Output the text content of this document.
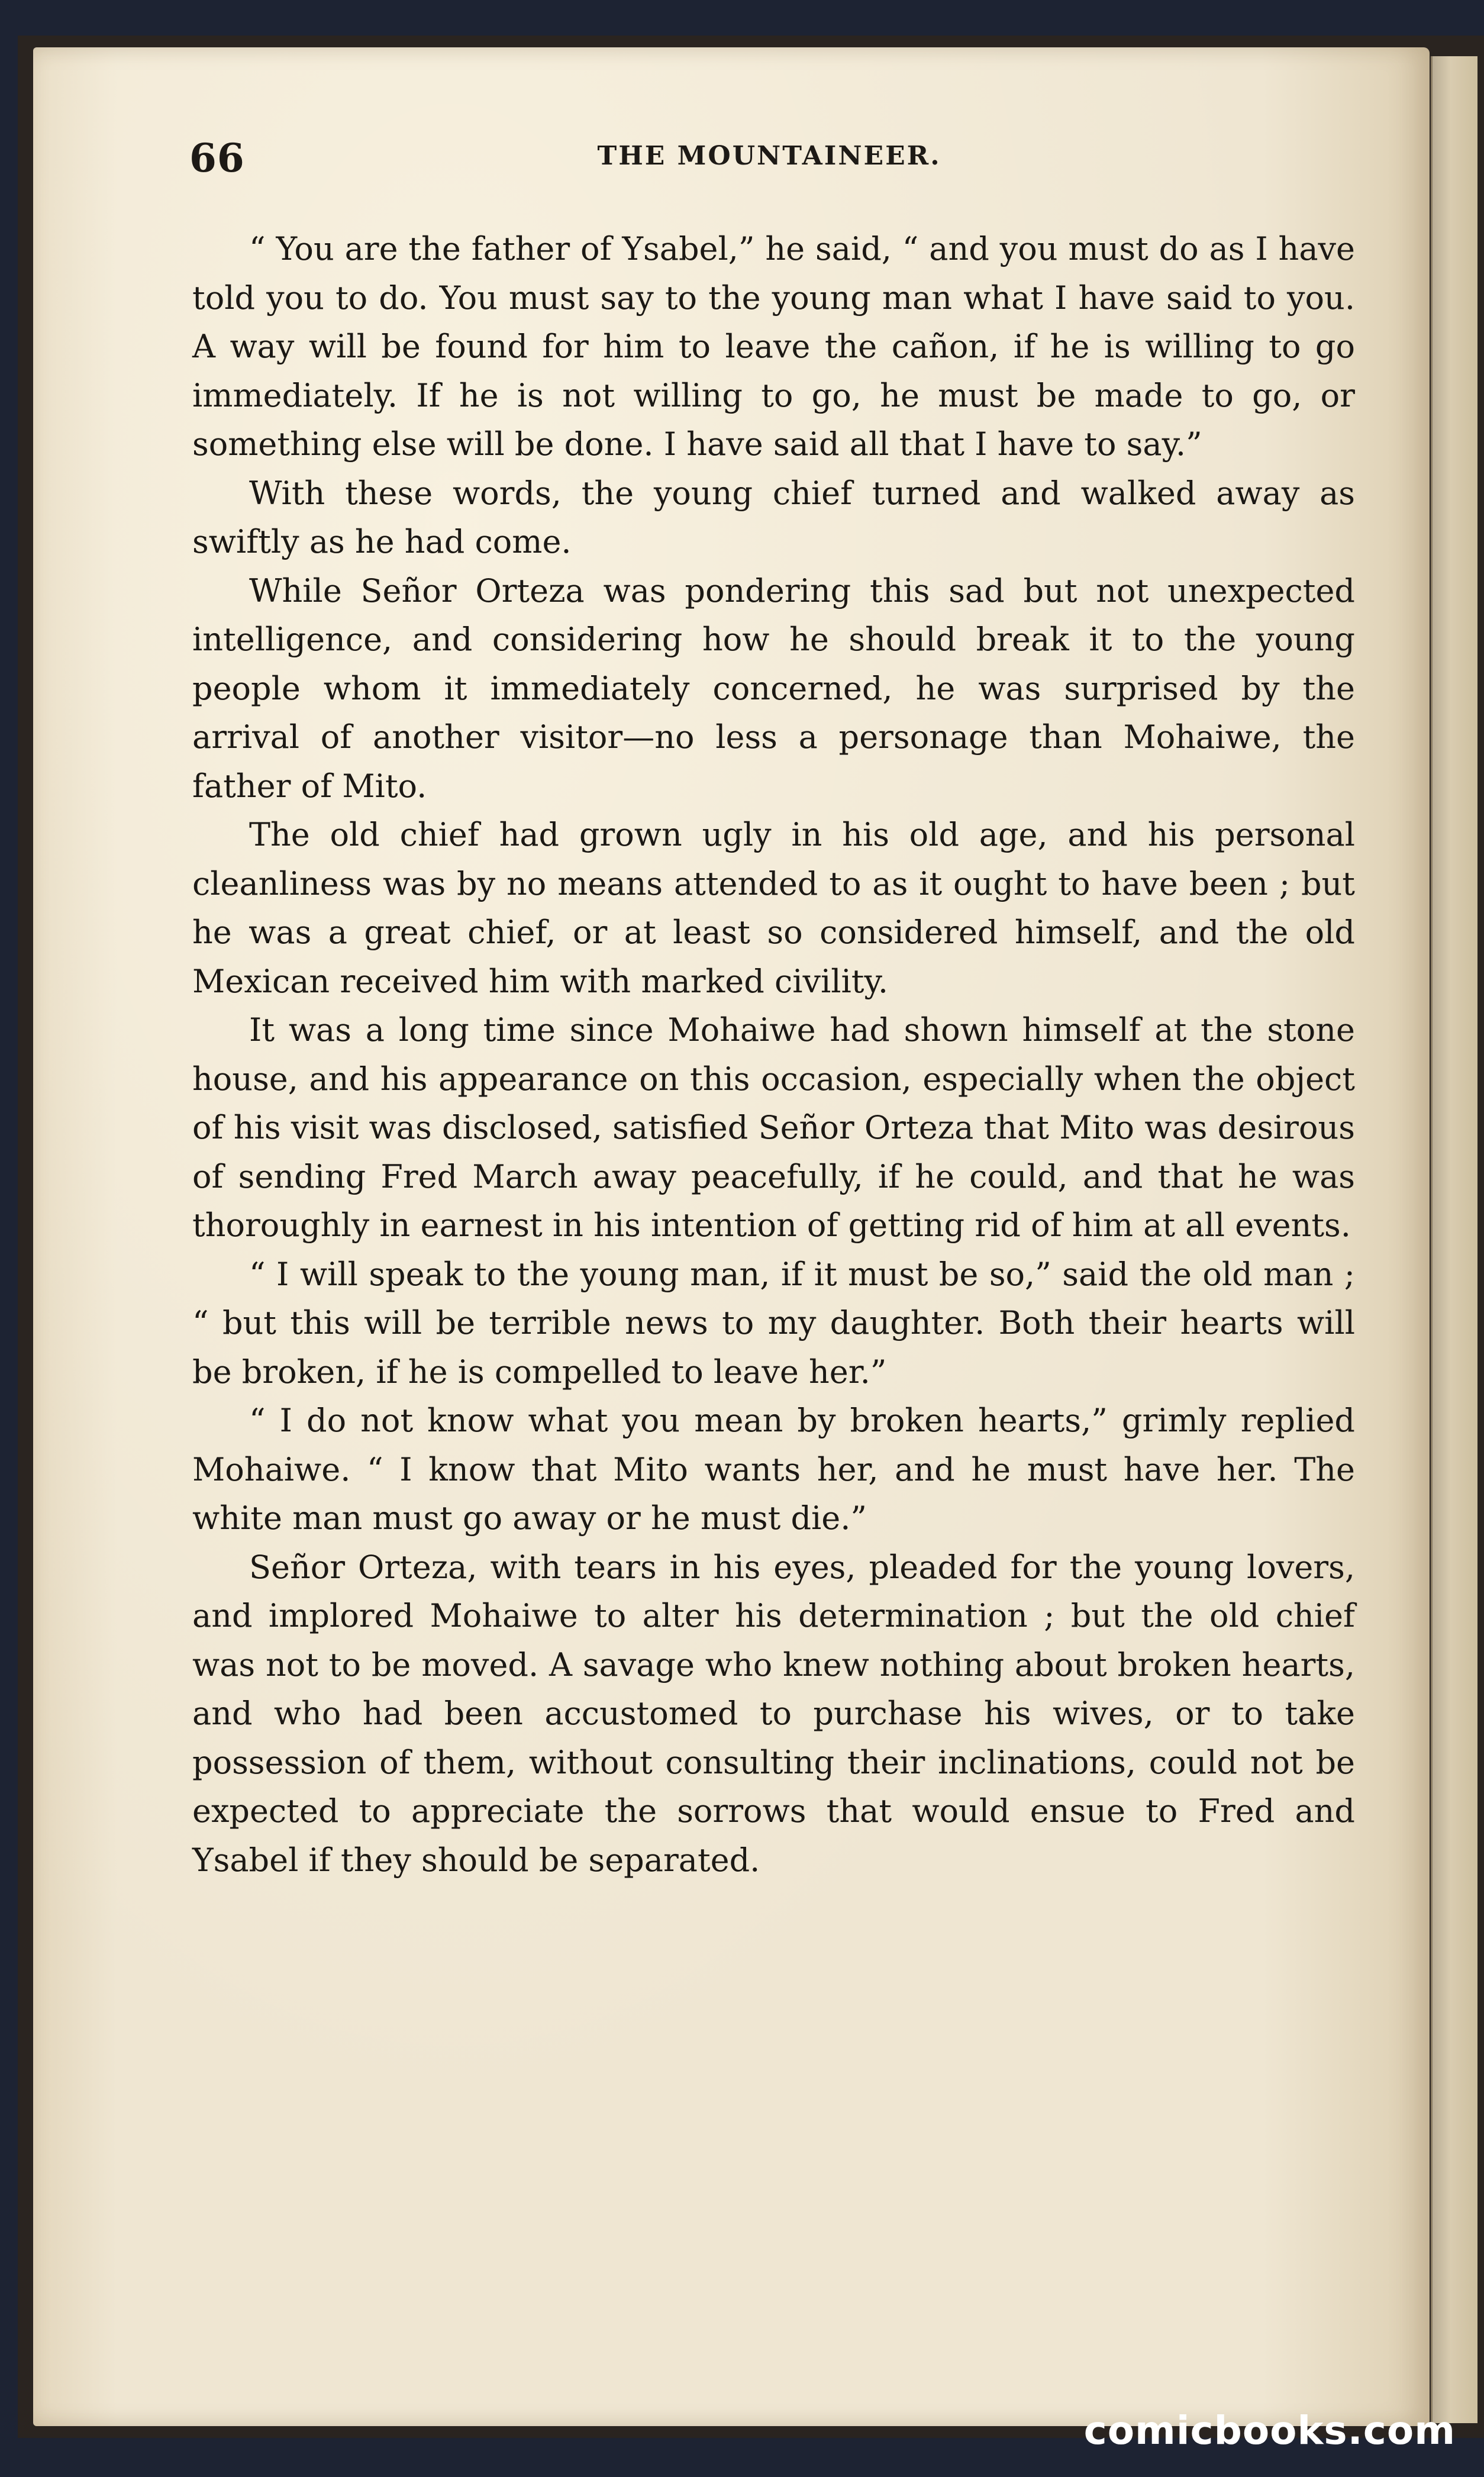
66	THE MOUNTAINEER.

“ You are the father of Ysabel,” he said, “ and you must do as I have told you to do. You must say to the young man what I have said to you. A way will be found for him to leave the cañon, if he is willing to go immediately. If he is not willing to go, he must be made to go, or something else will be done. I have said all that I have to say.”

With these words, the young chief turned and walked away as swiftly as he had come.

While Señor Orteza was pondering this sad but not unexpected intelligence, and considering how he should break it to the young people whom it immediately concerned, he was surprised by the arrival of another visitor—no less a personage than Mohaiwe, the father of Mito.

The old chief had grown ugly in his old age, and his personal cleanliness was by no means attended to as it ought to have been ; but he was a great chief, or at least so considered himself, and the old Mexican received him with marked civility.

It was a long time since Mohaiwe had shown himself at the stone house, and his appearance on this occasion, especially when the object of his visit was disclosed, satisfied Señor Orteza that Mito was desirous of sending Fred March away peacefully, if he could, and that he was thoroughly in earnest in his intention of getting rid of him at all events.

“ I will speak to the young man, if it must be so,” said the old man ; “ but this will be terrible news to my daughter. Both their hearts will be broken, if he is compelled to leave her.”

“ I do not know what you mean by broken hearts,” grimly replied Mohaiwe. “ I know that Mito wants her, and he must have her. The white man must go away or he must die.”

Señor Orteza, with tears in his eyes, pleaded for the young lovers, and implored Mohaiwe to alter his determination ; but the old chief was not to be moved. A savage who knew nothing about broken hearts, and who had been accustomed to purchase his wives, or to take possession of them, without consulting their inclinations, could not be expected to appreciate the sorrows that would ensue to Fred and Ysabel if they should be separated.

comicbooks.com
